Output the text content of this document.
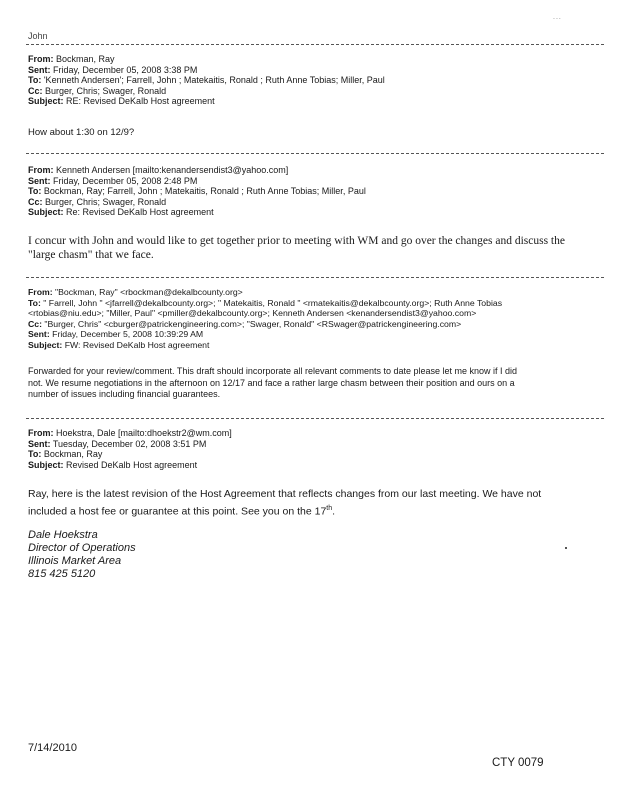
John
...
From: Bockman, Ray
Sent: Friday, December 05, 2008 3:38 PM
To: 'Kenneth Andersen'; Farrell, John ; Matekaitis, Ronald ; Ruth Anne Tobias; Miller, Paul
Cc: Burger, Chris; Swager, Ronald
Subject: RE: Revised DeKalb Host agreement
How about 1:30 on 12/9?
From: Kenneth Andersen [mailto:kenandersendist3@yahoo.com]
Sent: Friday, December 05, 2008 2:48 PM
To: Bockman, Ray; Farrell, John ; Matekaitis, Ronald ; Ruth Anne Tobias; Miller, Paul
Cc: Burger, Chris; Swager, Ronald
Subject: Re: Revised DeKalb Host agreement
I concur with John and would like to get together prior to meeting with WM and go over the changes and discuss the
"large chasm" that we face.
From: "Bockman, Ray" <rbockman@dekalbcounty.org>
To: " Farrell, John " <jfarrell@dekalbcounty.org>; " Matekaitis, Ronald " <rmatekaitis@dekalbcounty.org>; Ruth Anne Tobias
<rtobias@niu.edu>; "Miller, Paul" <pmiller@dekalbcounty.org>; Kenneth Andersen <kenandersendist3@yahoo.com>
Cc: "Burger, Chris" <cburger@patrickengineering.com>; "Swager, Ronald" <RSwager@patrickengineering.com>
Sent: Friday, December 5, 2008 10:39:29 AM
Subject: FW: Revised DeKalb Host agreement
Forwarded for your review/comment. This draft should incorporate all relevant comments to date please let me know if I did
not. We resume negotiations in the afternoon on 12/17 and face a rather large chasm between their position and ours on a
number of issues including financial guarantees.
From: Hoekstra, Dale [mailto:dhoekstr2@wm.com]
Sent: Tuesday, December 02, 2008 3:51 PM
To: Bockman, Ray
Subject: Revised DeKalb Host agreement
Ray, here is the latest revision of the Host Agreement that reflects changes from our last meeting. We have not
included a host fee or guarantee at this point. See you on the 17th.
Dale Hoekstra
Director of Operations
Illinois Market Area
815 425 5120
7/14/2010
CTY 0079
